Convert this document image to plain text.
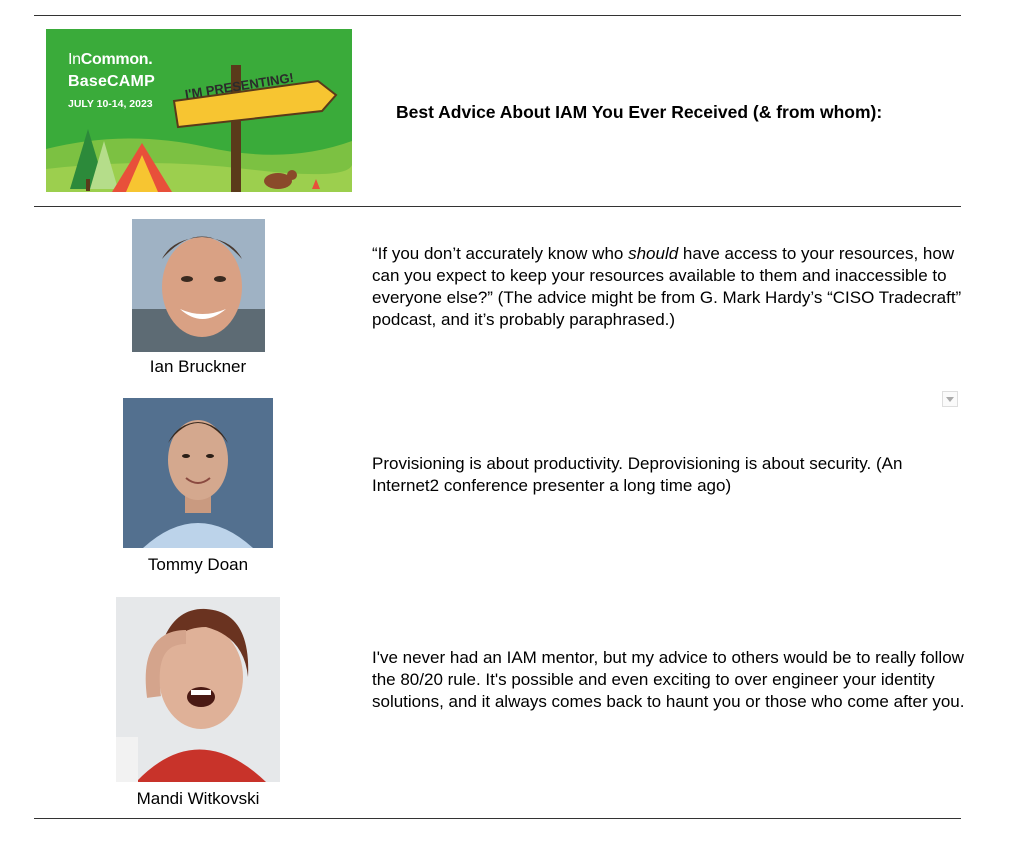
InCommon.
BaseCAMP
JULY 10-14, 2023
I'M PRESENTING!
Best Advice About IAM You Ever Received (& from whom):
Ian Bruckner
“If you don’t accurately know who should have access to your resources, how can you expect to keep your resources available to them and inaccessible to everyone else?” (The advice might be from G. Mark Hardy’s “CISO Tradecraft” podcast, and it’s probably paraphrased.)
Tommy Doan
Provisioning is about productivity. Deprovisioning is about security. (An Internet2 conference presenter a long time ago)
Mandi Witkovski
I've never had an IAM mentor, but my advice to others would be to really follow the 80/20 rule. It's possible and even exciting to over engineer your identity solutions, and it always comes back to haunt you or those who come after you.
